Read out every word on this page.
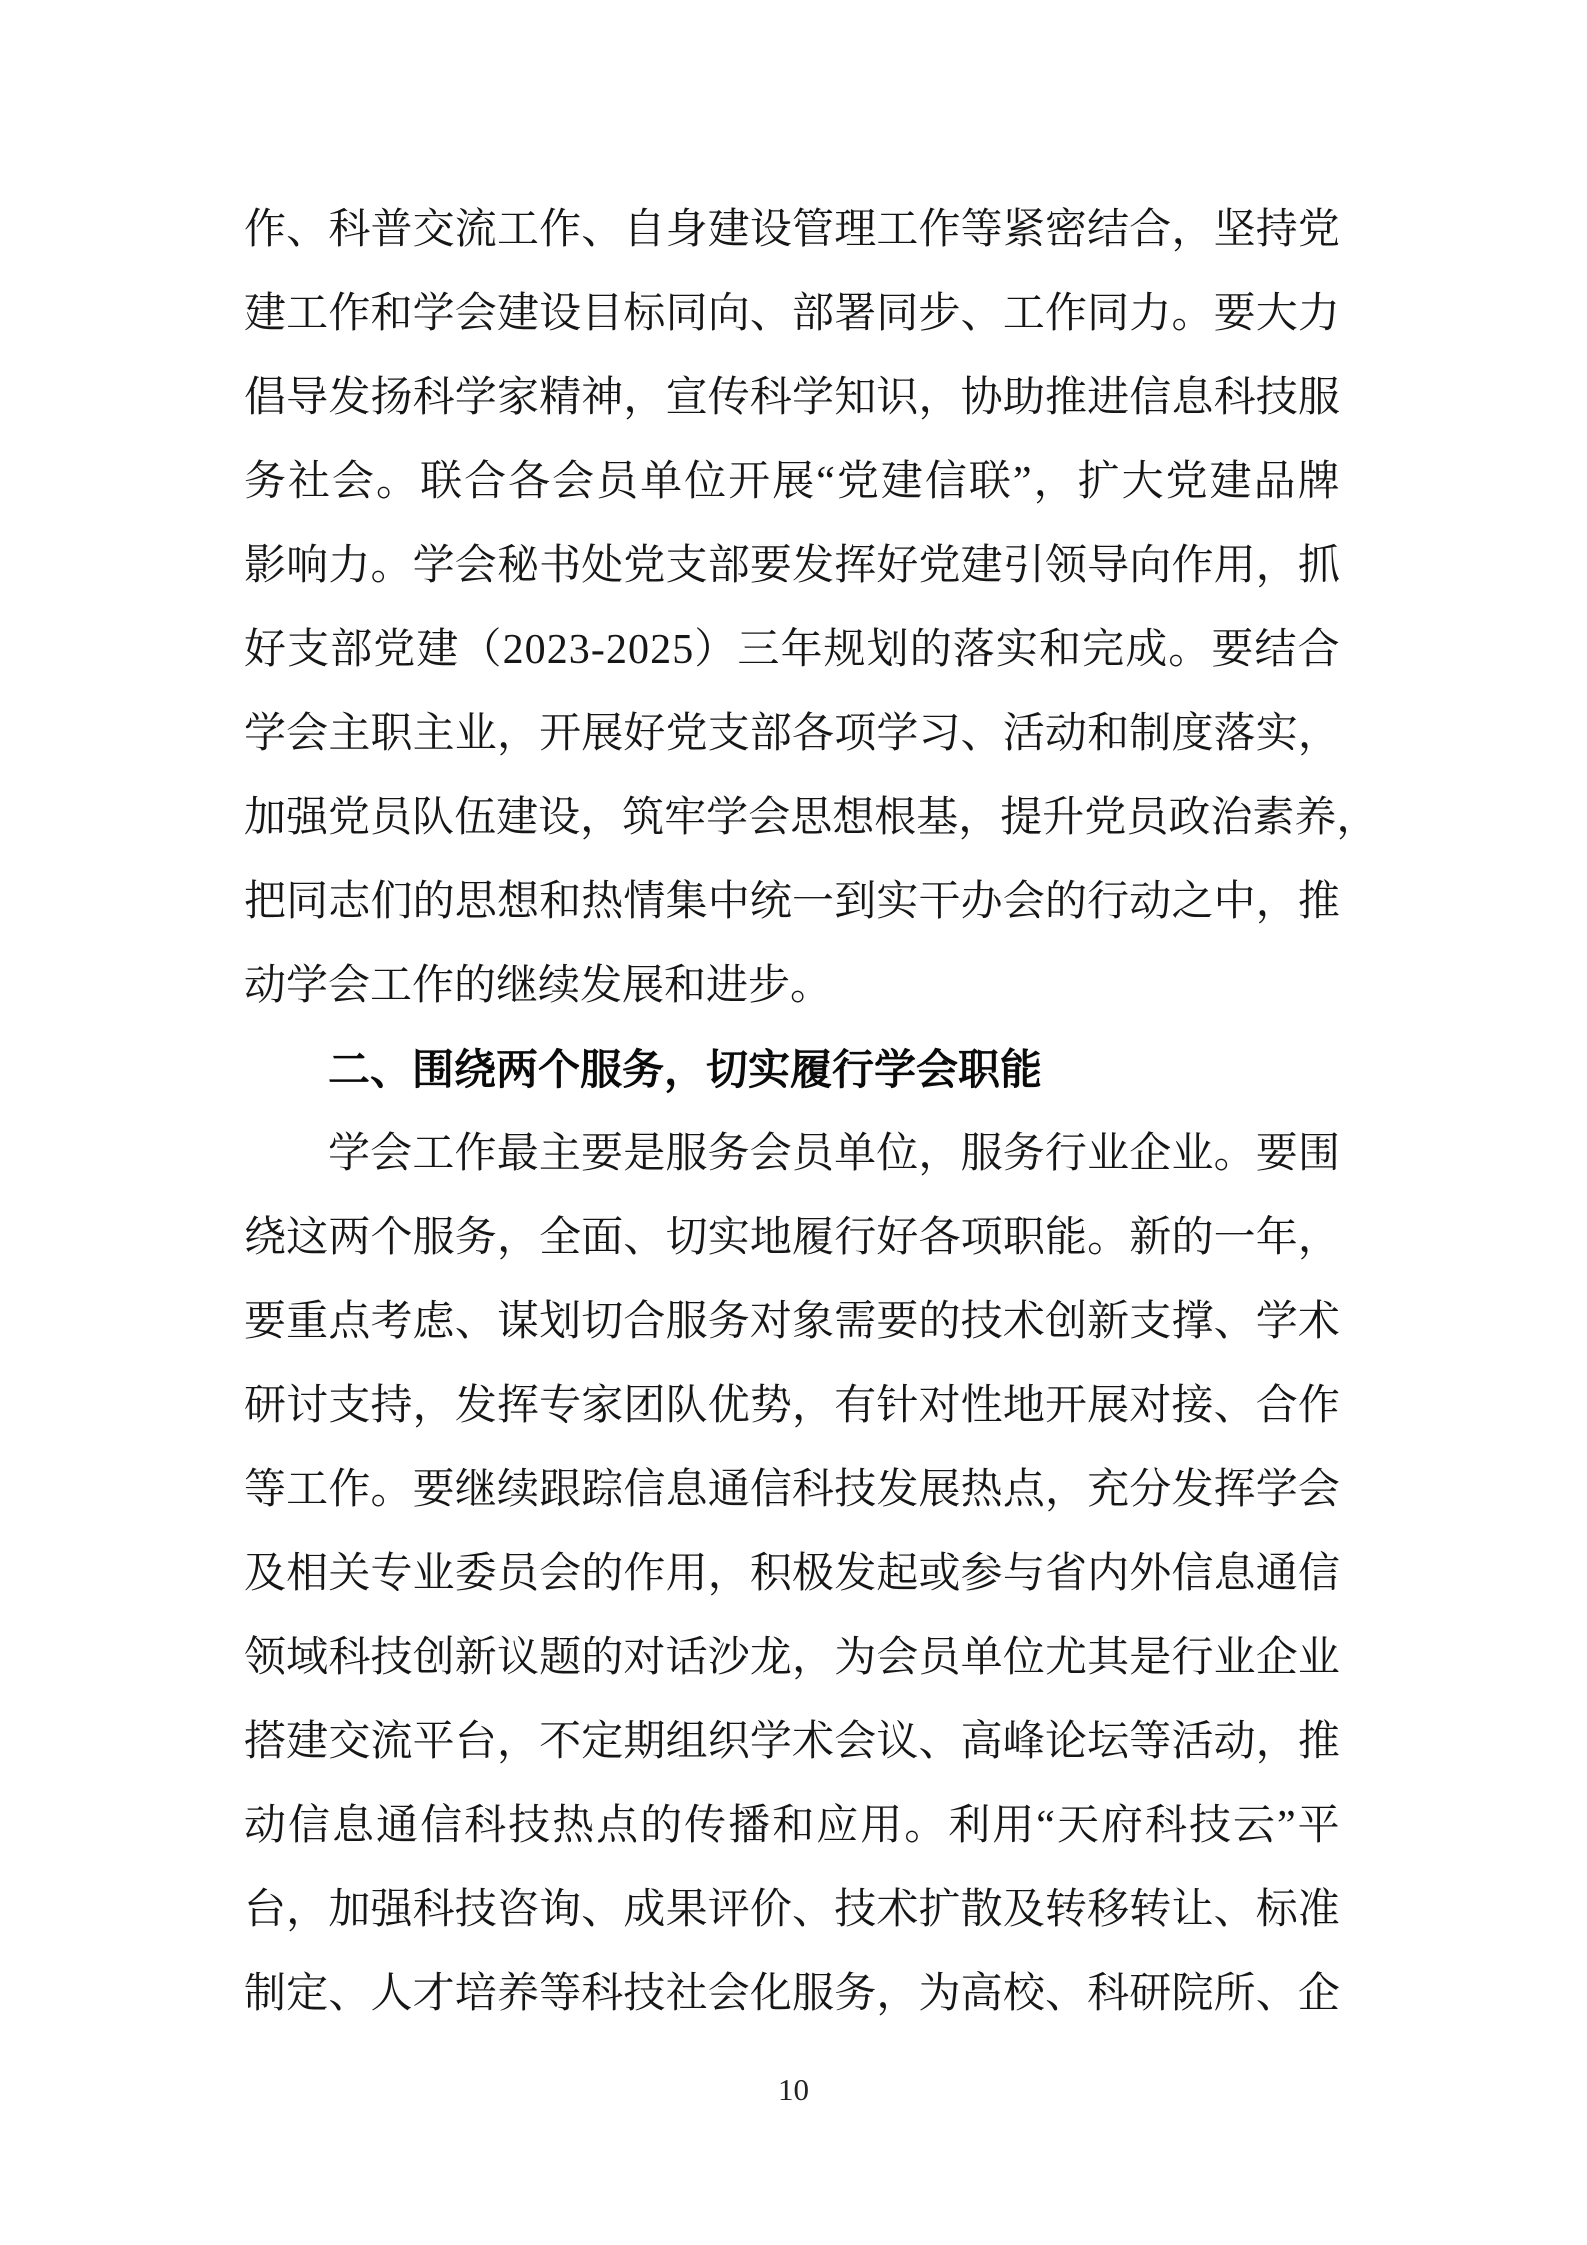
作 、 科 普 交 流 工 作 、 自 身 建 设 管 理 工 作 等 紧 密 结 合 ， 坚 持 党
建 工 作 和 学 会 建 设 目 标 同 向 、 部 署 同 步 、 工 作 同 力 。 要 大 力
倡 导 发 扬 科 学 家 精 神 ， 宣 传 科 学 知 识 ， 协 助 推 进 信 息 科 技 服
务 社 会 。 联 合 各 会 员 单 位 开 展 “ 党 建 信 联 ” ， 扩 大 党 建 品 牌
影 响 力 。 学 会 秘 书 处 党 支 部 要 发 挥 好 党 建 引 领 导 向 作 用 ， 抓
好 支 部 党 建 （ 2 0 2 3 - 2 0 2 5 ） 三 年 规 划 的 落 实 和 完 成 。 要 结 合
学 会 主 职 主 业 ， 开 展 好 党 支 部 各 项 学 习 、 活 动 和 制 度 落 实 ，
加 强 党 员 队 伍 建 设 ， 筑 牢 学 会 思 想 根 基 ， 提 升 党 员 政 治 素 养 ，
把 同 志 们 的 思 想 和 热 情 集 中 统 一 到 实 干 办 会 的 行 动 之 中 ， 推
动学会工作的继续发展和进步。
二、围绕两个服务，切实履行学会职能
学 会 工 作 最 主 要 是 服 务 会 员 单 位 ， 服 务 行 业 企 业 。 要 围
绕 这 两 个 服 务 ， 全 面 、 切 实 地 履 行 好 各 项 职 能 。 新 的 一 年 ，
要 重 点 考 虑 、 谋 划 切 合 服 务 对 象 需 要 的 技 术 创 新 支 撑 、 学 术
研 讨 支 持 ， 发 挥 专 家 团 队 优 势 ， 有 针 对 性 地 开 展 对 接 、 合 作
等 工 作 。 要 继 续 跟 踪 信 息 通 信 科 技 发 展 热 点 ， 充 分 发 挥 学 会
及 相 关 专 业 委 员 会 的 作 用 ， 积 极 发 起 或 参 与 省 内 外 信 息 通 信
领 域 科 技 创 新 议 题 的 对 话 沙 龙 ， 为 会 员 单 位 尤 其 是 行 业 企 业
搭 建 交 流 平 台 ， 不 定 期 组 织 学 术 会 议 、 高 峰 论 坛 等 活 动 ， 推
动 信 息 通 信 科 技 热 点 的 传 播 和 应 用 。 利 用 “ 天 府 科 技 云 ” 平
台 ， 加 强 科 技 咨 询 、 成 果 评 价 、 技 术 扩 散 及 转 移 转 让 、 标 准
制 定 、 人 才 培 养 等 科 技 社 会 化 服 务 ， 为 高 校 、 科 研 院 所 、 企
10
